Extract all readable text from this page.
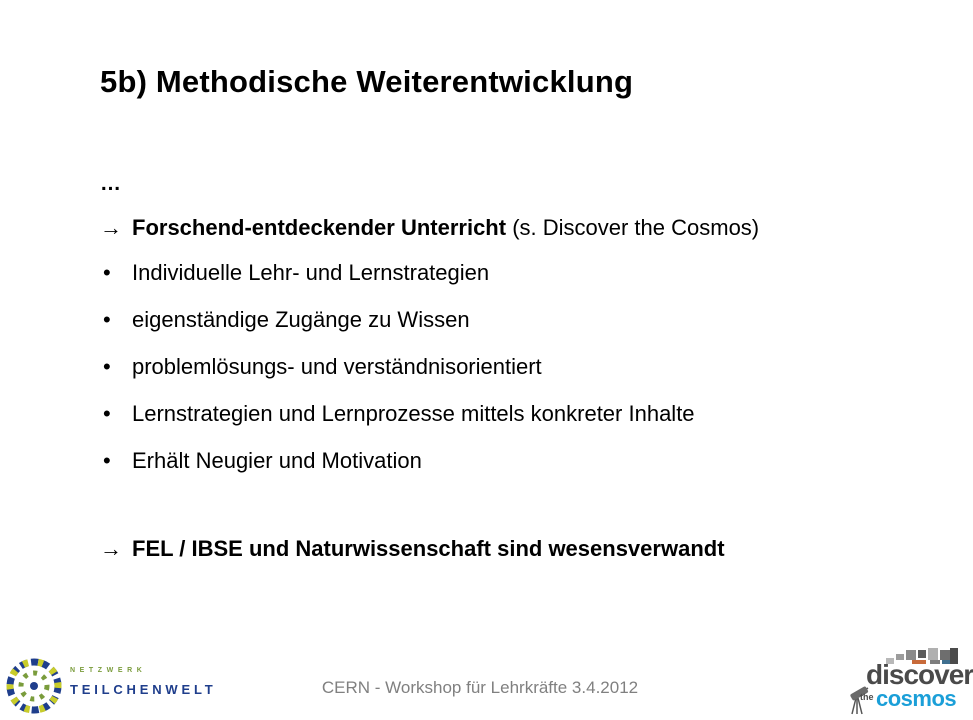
5b) Methodische Weiterentwicklung
…
→ Forschend-entdeckender Unterricht (s. Discover the Cosmos)
• Individuelle Lehr- und Lernstrategien
• eigenständige Zugänge zu Wissen
• problemlösungs- und verständnisorientiert
• Lernstrategien und Lernprozesse mittels konkreter Inhalte
• Erhält Neugier und Motivation
→ FEL / IBSE und Naturwissenschaft sind wesensverwandt
NETZWERK
TEILCHENWELT	CERN - Workshop für Lehrkräfte 3.4.2012	discover
the cosmos
